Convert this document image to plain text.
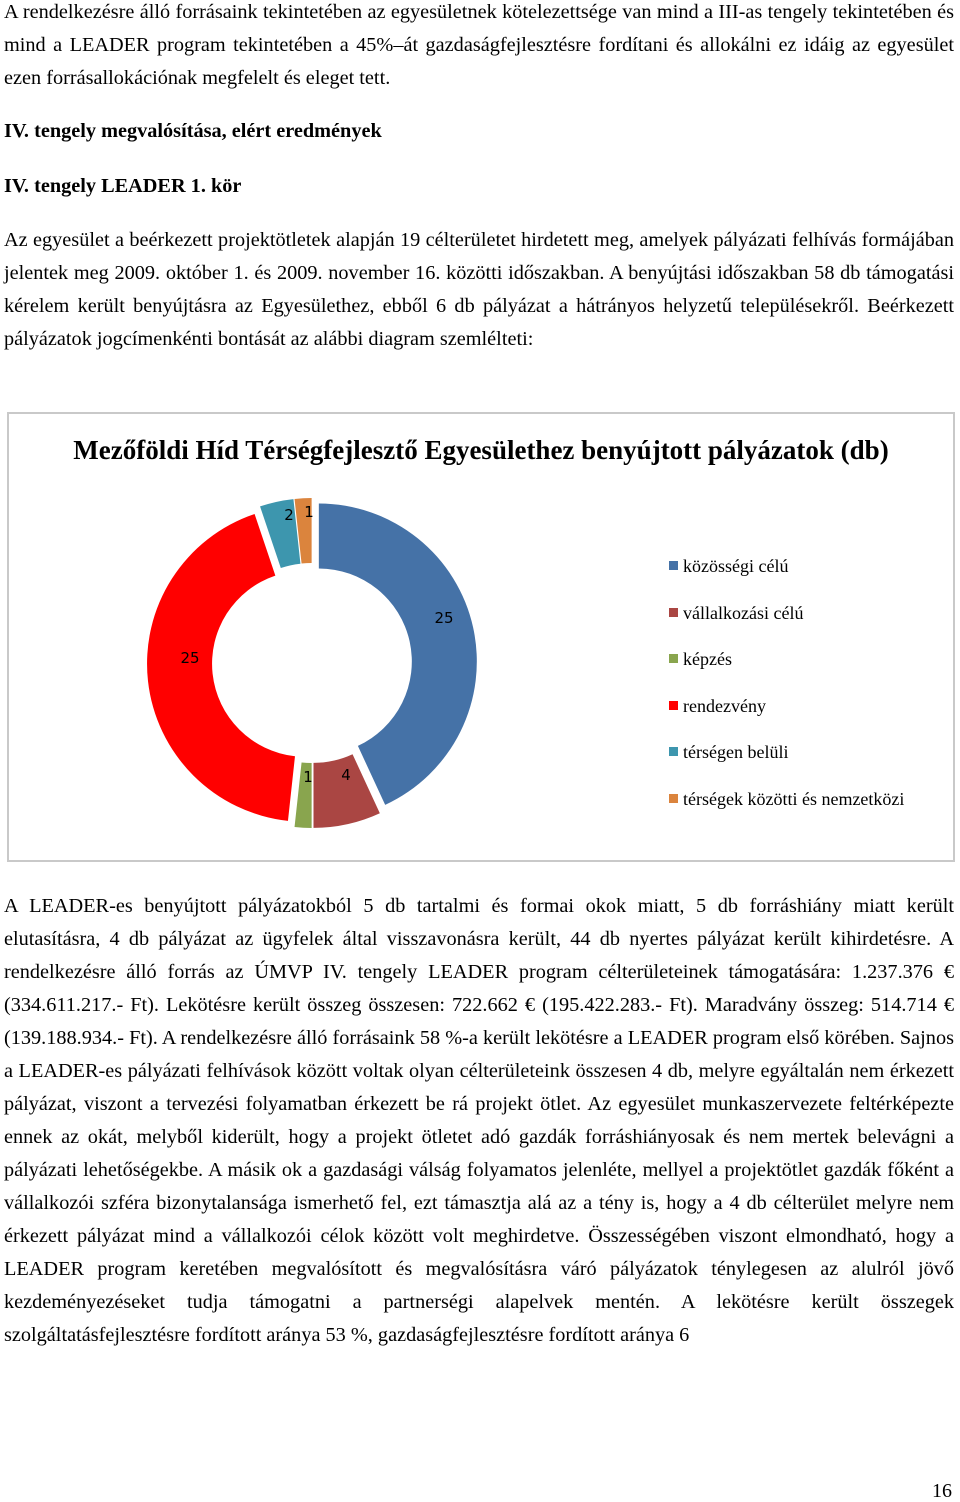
A rendelkezésre álló forrásaink tekintetében az egyesületnek kötelezettsége van mind a III-as tengely tekintetében és mind a LEADER program tekintetében a 45%–át gazdaságfejlesztésre fordítani és allokálni ez idáig az egyesület ezen forrásallokációnak megfelelt és eleget tett.

IV. tengely megvalósítása, elért eredmények

IV. tengely LEADER 1. kör

Az egyesület a beérkezett projektötletek alapján 19 célterületet hirdetett meg, amelyek pályázati felhívás formájában jelentek meg 2009. október 1. és 2009. november 16. közötti időszakban. A benyújtási időszakban 58 db támogatási kérelem került benyújtásra az Egyesülethez, ebből 6 db pályázat a hátrányos helyzetű településekről. Beérkezett pályázatok jogcímenkénti bontását az alábbi diagram szemlélteti:

Mezőföldi Híd Térségfejlesztő Egyesülethez benyújtott pályázatok (db)

25
4
1
25
2 1
közösségi célú
vállalkozási célú
képzés
rendezvény
térségen belüli
térségek közötti és nemzetközi

A LEADER-es benyújtott pályázatokból 5 db tartalmi és formai okok miatt, 5 db forráshiány miatt került elutasításra, 4 db pályázat az ügyfelek által visszavonásra került, 44 db nyertes pályázat került kihirdetésre. A rendelkezésre álló forrás az ÚMVP IV. tengely LEADER program célterületeinek támogatására: 1.237.376 € (334.611.217.- Ft). Lekötésre került összeg összesen: 722.662 € (195.422.283.- Ft). Maradvány összeg: 514.714 € (139.188.934.- Ft). A rendelkezésre álló forrásaink 58 %-a került lekötésre a LEADER program első körében. Sajnos a LEADER-es pályázati felhívások között voltak olyan célterületeink összesen 4 db, melyre egyáltalán nem érkezett pályázat, viszont a tervezési folyamatban érkezett be rá projekt ötlet. Az egyesület munkaszervezete feltérképezte ennek az okát, melyből kiderült, hogy a projekt ötletet adó gazdák forráshiányosak és nem mertek belevágni a pályázati lehetőségekbe. A másik ok a gazdasági válság folyamatos jelenléte, mellyel a projektötlet gazdák főként a vállalkozói szféra bizonytalansága ismerhető fel, ezt támasztja alá az a tény is, hogy a 4 db célterület melyre nem érkezett pályázat mind a vállalkozói célok között volt meghirdetve. Összességében viszont elmondható, hogy a LEADER program keretében megvalósított és megvalósításra váró pályázatok ténylegesen az alulról jövő kezdeményezéseket tudja támogatni a partnerségi alapelvek mentén. A lekötésre került összegek szolgáltatásfejlesztésre fordított aránya 53 %, gazdaságfejlesztésre fordított aránya 6

16
